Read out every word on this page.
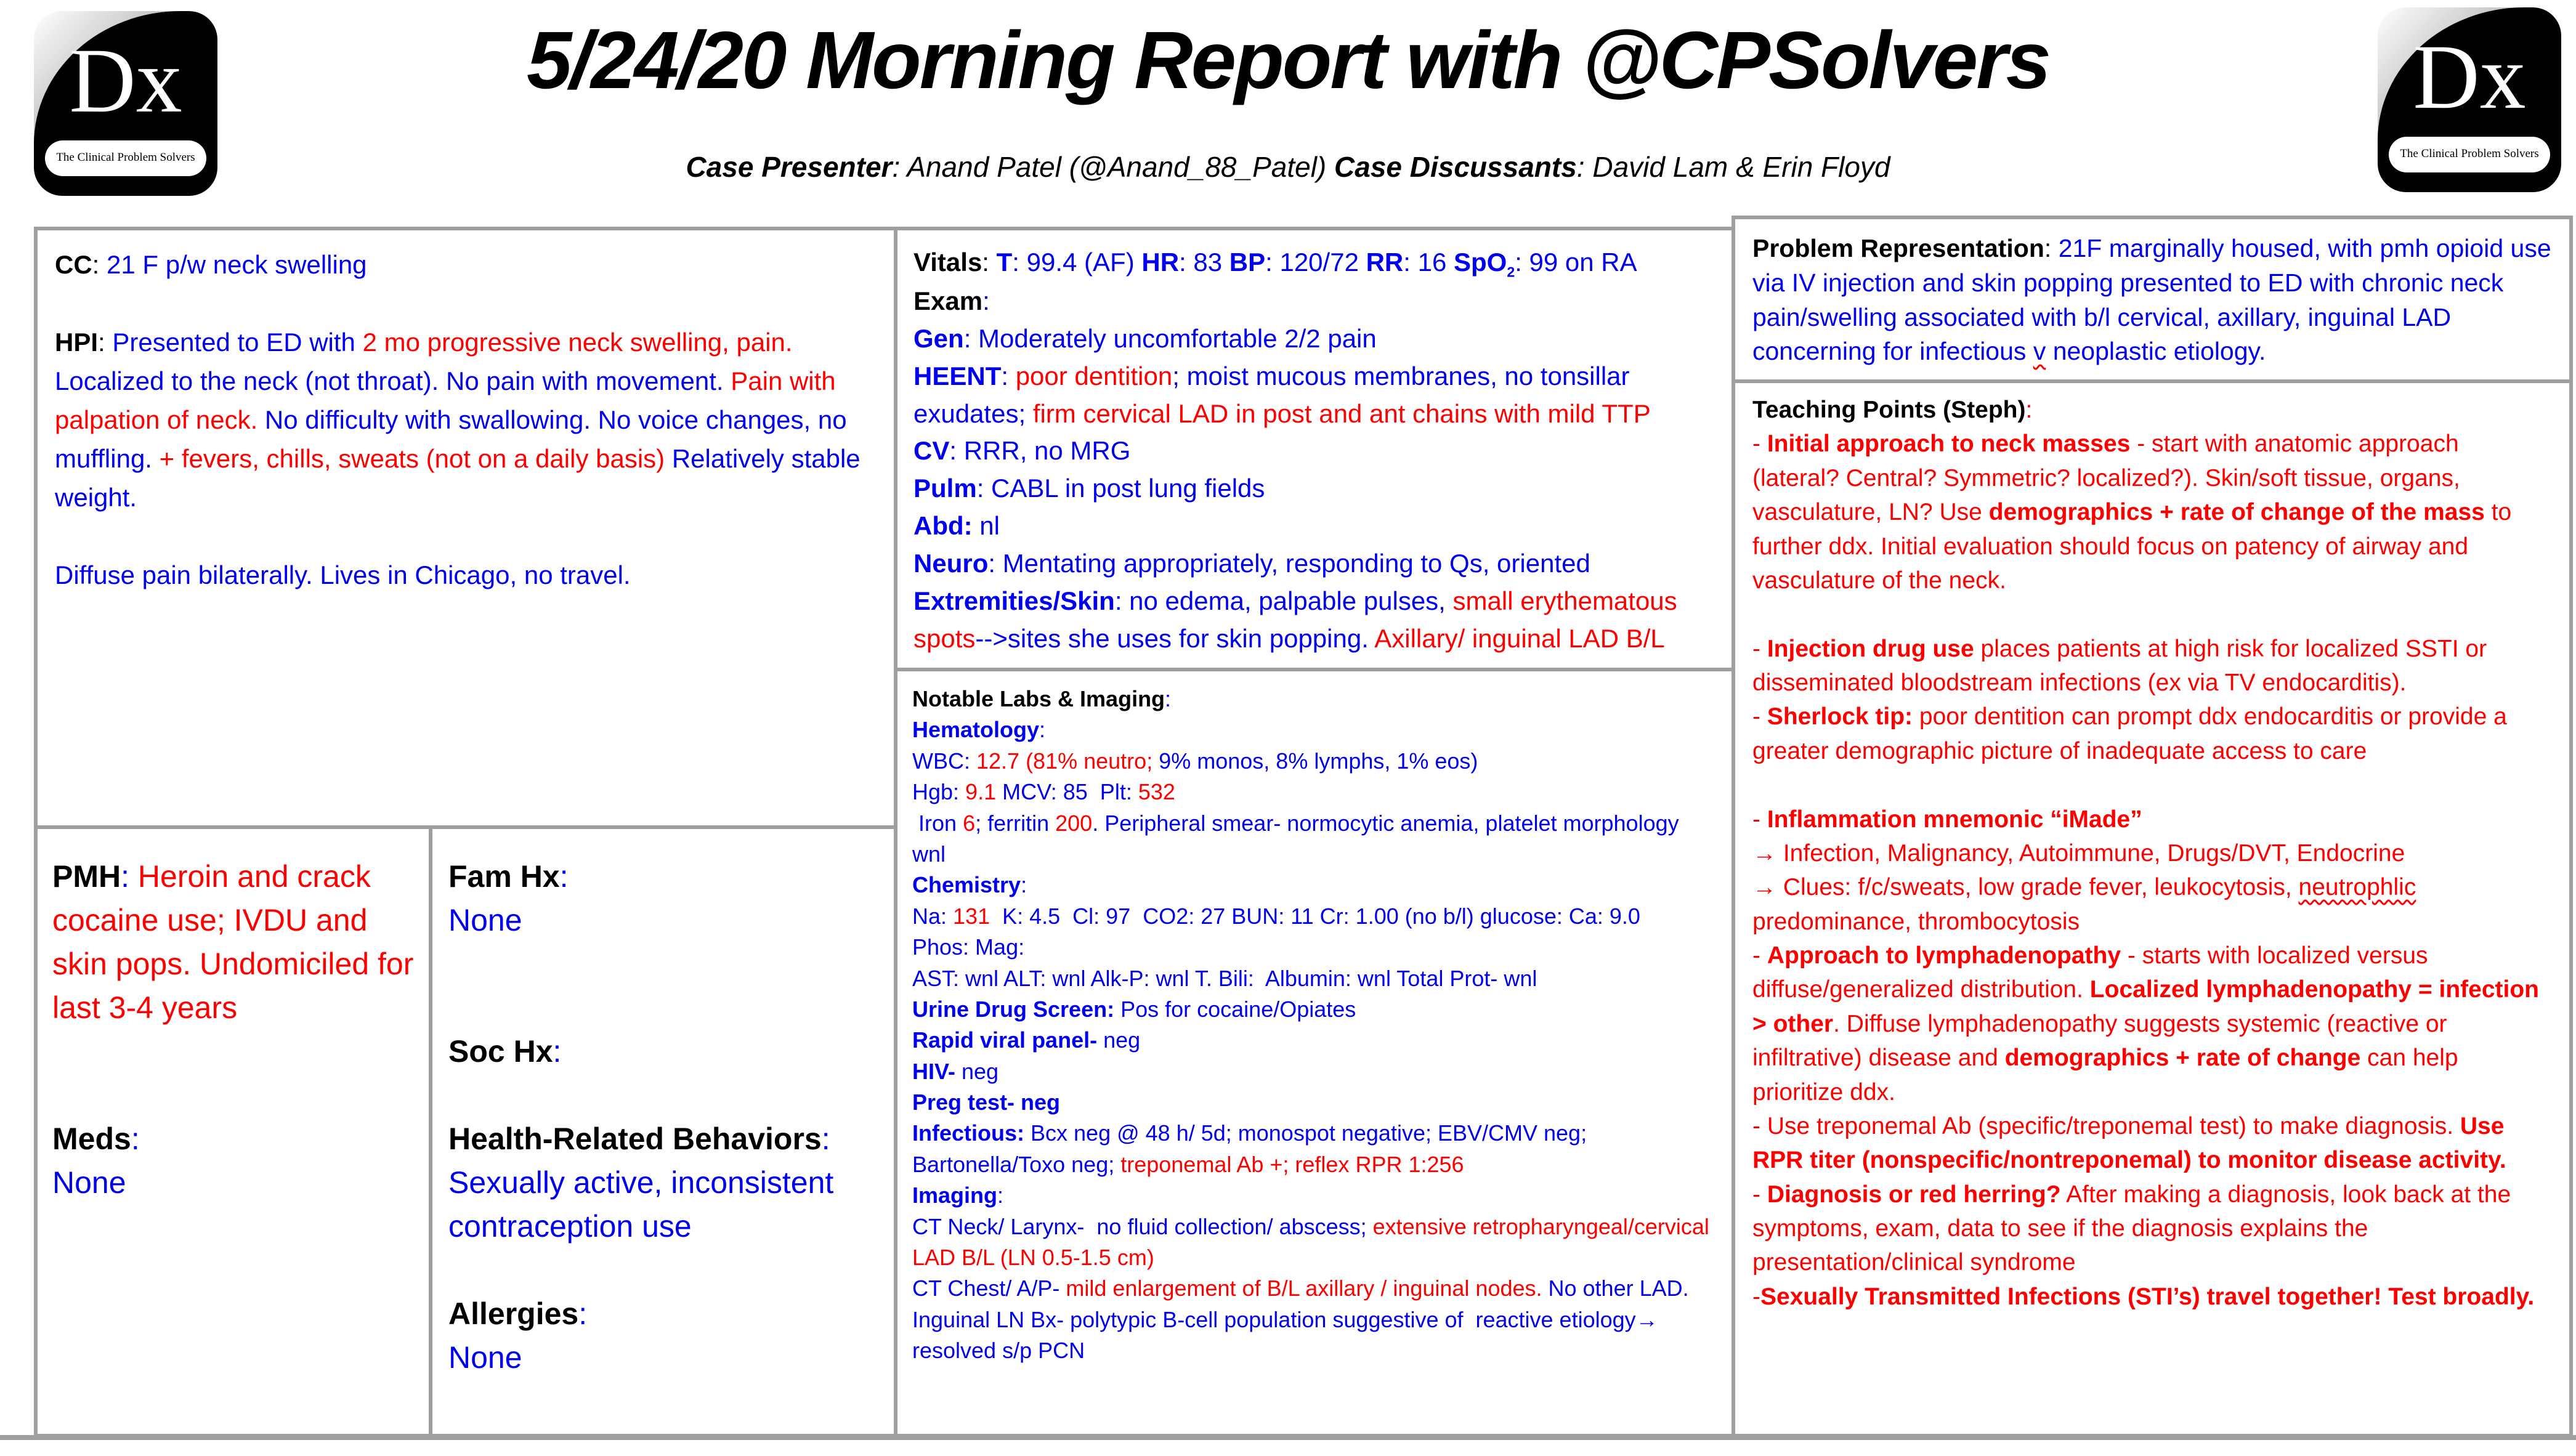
Dx
The Clinical Problem Solvers
Dx
The Clinical Problem Solvers
5/24/20 Morning Report with @CPSolvers

Case Presenter: Anand Patel (@Anand_88_Patel) Case Discussants: David Lam & Erin Floyd

CC: 21 F p/w neck swelling

HPI: Presented to ED with 2 mo progressive neck swelling, pain. Localized to the neck (not throat). No pain with movement. Pain with palpation of neck. No difficulty with swallowing. No voice changes, no muffling. + fevers, chills, sweats (not on a daily basis) Relatively stable weight.

Diffuse pain bilaterally. Lives in Chicago, no travel.

PMH: Heroin and crack cocaine use; IVDU and skin pops. Undomiciled for last 3-4 years

Meds:

None

Fam Hx:

None

Soc Hx:

Health-Related Behaviors:

Sexually active, inconsistent contraception use

Allergies:

None

Vitals: T: 99.4 (AF) HR: 83 BP: 120/72 RR: 16 SpO$_2$: 99 on RA

Exam:

Gen: Moderately uncomfortable 2/2 pain

HEENT: poor dentition; moist mucous membranes, no tonsillar exudates; firm cervical LAD in post and ant chains with mild TTP

CV: RRR, no MRG

Pulm: CABL in post lung fields

Abd: nl

Neuro: Mentating appropriately, responding to Qs, oriented

Extremities/Skin: no edema, palpable pulses, small erythematous spots-->sites she uses for skin popping. Axillary/ inguinal LAD B/L

Notable Labs & Imaging:

Hematology:

WBC: 12.7 (81% neutro; 9% monos, 8% lymphs, 1% eos)

Hgb: 9.1 MCV: 85  Plt: 532

Iron 6; ferritin 200. Peripheral smear- normocytic anemia, platelet morphology wnl

Chemistry:

Na: 131  K: 4.5  Cl: 97  CO2: 27 BUN: 11 Cr: 1.00 (no b/l) glucose: Ca: 9.0

Phos: Mag:

AST: wnl ALT: wnl Alk-P: wnl T. Bili:  Albumin: wnl Total Prot- wnl

Urine Drug Screen: Pos for cocaine/Opiates

Rapid viral panel- neg

HIV- neg

Preg test- neg

Infectious: Bcx neg @ 48 h/ 5d; monospot negative; EBV/CMV neg; Bartonella/Toxo neg; treponemal Ab +; reflex RPR 1:256

Imaging:

CT Neck/ Larynx-  no fluid collection/ abscess; extensive retropharyngeal/cervical LAD B/L (LN 0.5-1.5 cm)

CT Chest/ A/P- mild enlargement of B/L axillary / inguinal nodes. No other LAD.

Inguinal LN Bx- polytypic B-cell population suggestive of  reactive etiology→ resolved s/p PCN

Problem Representation: 21F marginally housed, with pmh opioid use via IV injection and skin popping presented to ED with chronic neck pain/swelling associated with b/l cervical, axillary, inguinal LAD  concerning for infectious v neoplastic etiology.

Teaching Points (Steph):

- Initial approach to neck masses - start with anatomic approach (lateral? Central? Symmetric? localized?). Skin/soft tissue, organs, vasculature, LN? Use demographics + rate of change of the mass to further ddx. Initial evaluation should focus on patency of airway and vasculature of the neck.

- Injection drug use places patients at high risk for localized SSTI or disseminated bloodstream infections (ex via TV endocarditis).

- Sherlock tip: poor dentition can prompt ddx endocarditis or provide a greater demographic picture of inadequate access to care

- Inflammation mnemonic “iMade”

→ Infection, Malignancy, Autoimmune, Drugs/DVT, Endocrine

→ Clues: f/c/sweats, low grade fever, leukocytosis, neutrophlic predominance, thrombocytosis

- Approach to lymphadenopathy - starts with localized versus diffuse/generalized distribution. Localized lymphadenopathy = infection > other. Diffuse lymphadenopathy suggests systemic (reactive or infiltrative) disease and demographics + rate of change can help prioritize ddx.

- Use treponemal Ab (specific/treponemal test) to make diagnosis. Use RPR titer (nonspecific/nontreponemal) to monitor disease activity.

- Diagnosis or red herring? After making a diagnosis, look back at the symptoms, exam, data to see if the diagnosis explains the presentation/clinical syndrome

-Sexually Transmitted Infections (STI’s) travel together! Test broadly.
